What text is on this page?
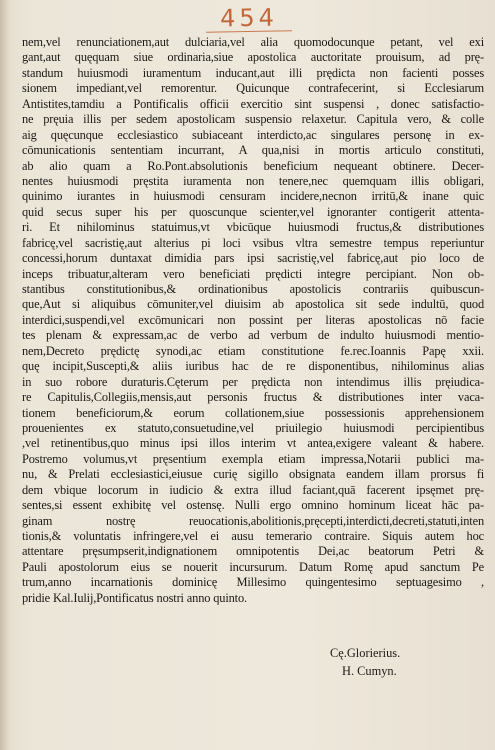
454
nem,vel renunciationem,aut dulciaria,vel alia quomodocunque petant, vel exi
gant,aut quęquam siue ordinaria,siue apostolica auctoritate prouisum, ad prę-
standum huiusmodi iuramentum inducant,aut illi prędicta non facienti posses
sionem impediant,vel remorentur. Quicunque contrafecerint, si Ecclesiarum
Antistites,tamdiu a Pontificalis officii exercitio sint suspensi , donec satisfactio-
ne pręuia illis per sedem apostolicam suspensio relaxetur. Capitula vero, & colle
aig quęcunque ecclesiastico subiaceant interdicto,ac singulares personę in ex-
cōmunicationis sententiam incurrant, A qua,nisi in mortis articulo constituti,
ab alio quam a Ro.Pont.absolutionis beneficium nequeant obtinere. Decer-
nentes huiusmodi pręstita iuramenta non tenere,nec quemquam illis obligari,
quinimo iurantes in huiusmodi censuram incidere,necnon irritū,& inane quic
quid secus super his per quoscunque scienter,vel ignoranter contigerit attenta-
ri. Et nihilominus statuimus,vt vbicūque huiusmodi fructus,& distributiones
fabricę,vel sacristię,aut alterius pi loci vsibus vltra semestre tempus reperiuntur
concessi,horum duntaxat dimidia pars ipsi sacristię,vel fabricę,aut pio loco de
inceps tribuatur,alteram vero beneficiati prędicti integre percipiant. Non ob-
stantibus constitutionibus,& ordinationibus apostolicis contrariis quibuscun-
que,Aut si aliquibus cōmuniter,vel diuisim ab apostolica sit sede indultū, quod
interdici,suspendi,vel excōmunicari non possint per literas apostolicas nō facie
tes plenam & expressam,ac de verbo ad verbum de indulto huiusmodi mentio-
nem,Decreto prędictę synodi,ac etiam constitutione fe.rec.Ioannis Papę xxii.
quę incipit,Suscepti,& aliis iuribus hac de re disponentibus, nihilominus alias
in suo robore duraturis.Cęterum per prędicta non intendimus illis pręiudica-
re Capitulis,Collegiis,mensis,aut personis fructus & distributiones inter vaca-
tionem beneficiorum,& eorum collationem,siue possessionis apprehensionem
prouenientes ex statuto,consuetudine,vel priuilegio huiusmodi percipientibus
,vel retinentibus,quo minus ipsi illos interim vt antea,exigere valeant & habere.
Postremo volumus,vt pręsentium exempla etiam impressa,Notarii publici ma-
nu, & Prelati ecclesiastici,eiusue curię sigillo obsignata eandem illam prorsus fi
dem vbique locorum in iudicio & extra illud faciant,quā facerent ipsęmet prę-
sentes,si essent exhibitę vel ostensę. Nulli ergo omnino hominum liceat hāc pa-
ginam nostrę reuocationis,abolitionis,pręcepti,interdicti,decreti,statuti,inten
tionis,& voluntatis infringere,vel ei ausu temerario contraire. Siquis autem hoc
attentare pręsumpserit,indignationem omnipotentis Dei,ac beatorum Petri &
Pauli apostolorum eius se nouerit incursurum. Datum Romę apud sanctum Pe
trum,anno incarnationis dominicę Millesimo quingentesimo septuagesimo ,
pridie Kal.Iulij,Pontificatus nostri anno quinto.
Cę.Glorierius.
H. Cumyn.
